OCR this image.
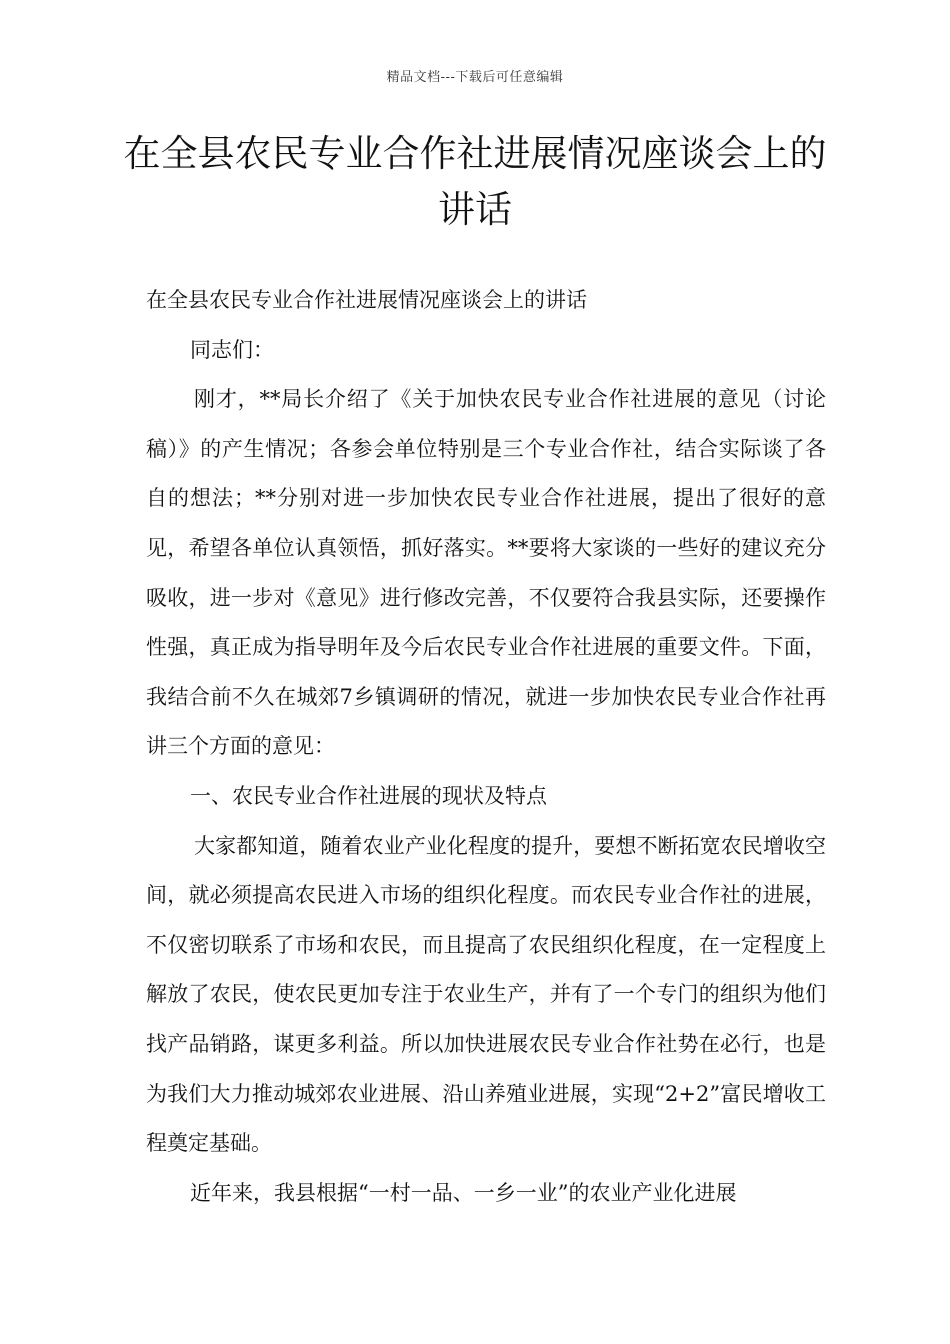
精品文档---下载后可任意编辑
在全县农民专业合作社进展情况座谈会上的讲话

在全县农民专业合作社进展情况座谈会上的讲话

同志们：

刚才，**局长介绍了《关于加快农民专业合作社进展的意见（讨论稿）》的产生情况；各参会单位特别是三个专业合作社，结合实际谈了各自的想法；**分别对进一步加快农民专业合作社进展，提出了很好的意见，希望各单位认真领悟，抓好落实。**要将大家谈的一些好的建议充分吸收，进一步对《意见》进行修改完善，不仅要符合我县实际，还要操作性强，真正成为指导明年及今后农民专业合作社进展的重要文件。下面，我结合前不久在城郊7乡镇调研的情况，就进一步加快农民专业合作社再讲三个方面的意见：

一、农民专业合作社进展的现状及特点

大家都知道，随着农业产业化程度的提升，要想不断拓宽农民增收空间，就必须提高农民进入市场的组织化程度。而农民专业合作社的进展，不仅密切联系了市场和农民，而且提高了农民组织化程度，在一定程度上解放了农民，使农民更加专注于农业生产，并有了一个专门的组织为他们找产品销路，谋更多利益。所以加快进展农民专业合作社势在必行，也是为我们大力推动城郊农业进展、沿山养殖业进展，实现“2+2”富民增收工程奠定基础。

近年来，我县根据“一村一品、一乡一业”的农业产业化进展
